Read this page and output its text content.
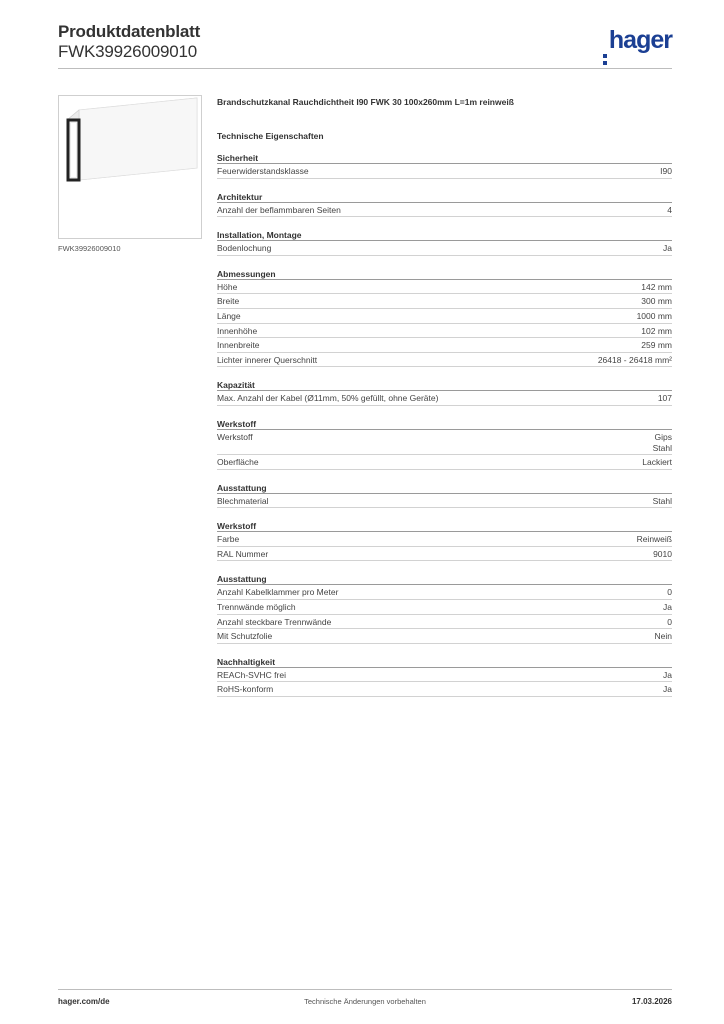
Produktdatenblatt
FWK39926009010	hager
FWK39926009010
Brandschutzkanal Rauchdichtheit I90 FWK 30 100x260mm L=1m reinweiß
Technische Eigenschaften
Sicherheit
Feuerwiderstandsklasse	I90
Architektur
Anzahl der beflammbaren Seiten	4
Installation, Montage
Bodenlochung	Ja
Abmessungen
Höhe	142 mm
Breite	300 mm
Länge	1000 mm
Innenhöhe	102 mm
Innenbreite	259 mm
Lichter innerer Querschnitt	26418 - 26418 mm²
Kapazität
Max. Anzahl der Kabel (Ø11mm, 50% gefüllt, ohne Geräte)	107
Werkstoff
Werkstoff	Gips
Stahl
Oberfläche	Lackiert
Ausstattung
Blechmaterial	Stahl
Werkstoff
Farbe	Reinweiß
RAL Nummer	9010
Ausstattung
Anzahl Kabelklammer pro Meter	0
Trennwände möglich	Ja
Anzahl steckbare Trennwände	0
Mit Schutzfolie	Nein
Nachhaltigkeit
REACh-SVHC frei	Ja
RoHS-konform	Ja
hager.com/de	Technische Änderungen vorbehalten	17.03.2026
